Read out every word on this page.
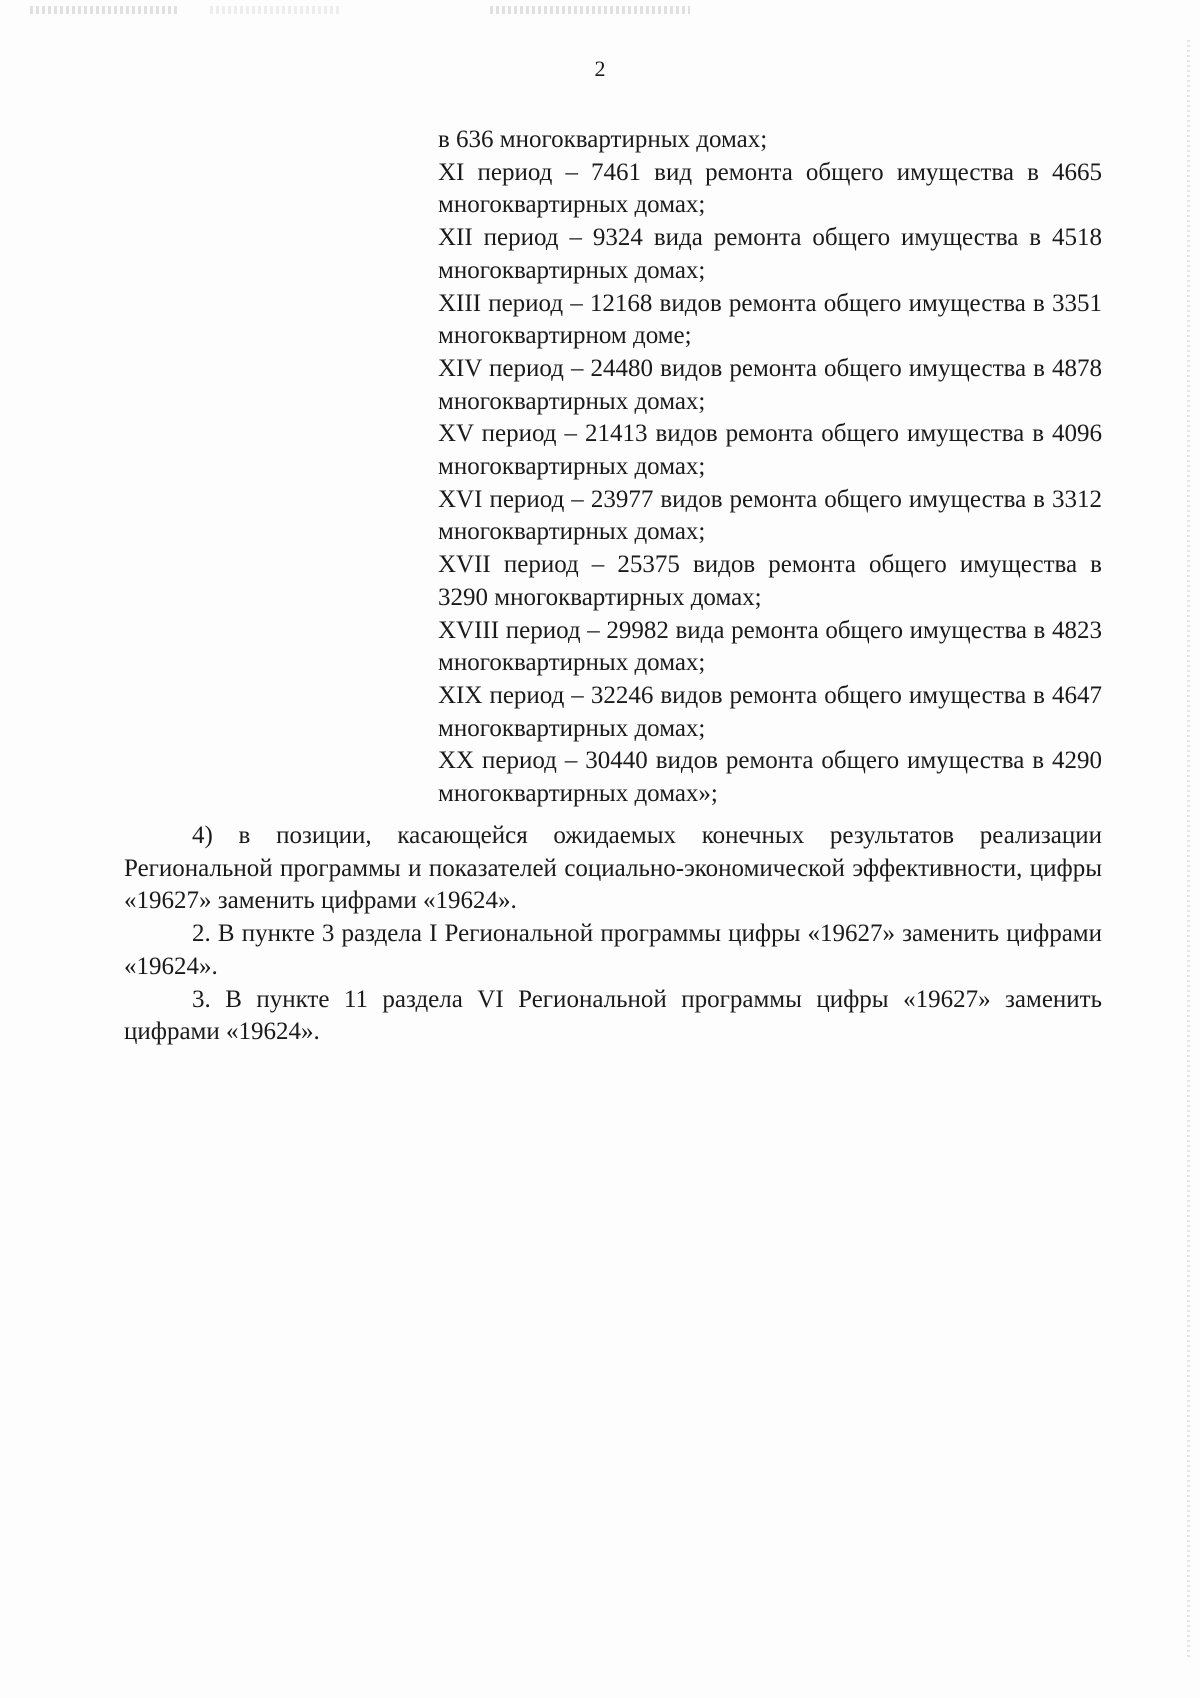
2

в 636 многоквартирных домах;

XI период – 7461 вид ремонта общего имущества в 4665 многоквартирных домах;

XII период – 9324 вида ремонта общего имущества в 4518 многоквартирных домах;

XIII период – 12168 видов ремонта общего имущества в 3351 многоквартирном доме;

XIV период – 24480 видов ремонта общего имущества в 4878 многоквартирных домах;

XV период – 21413 видов ремонта общего имущества в 4096 многоквартирных домах;

XVI период – 23977 видов ремонта общего имущества в 3312 многоквартирных домах;

XVII период – 25375 видов ремонта общего имущества в 3290 многоквартирных домах;

XVIII период – 29982 вида ремонта общего имущества в 4823 многоквартирных домах;

XIX период – 32246 видов ремонта общего имущества в 4647 многоквартирных домах;

XX период – 30440 видов ремонта общего имущества в 4290 многоквартирных домах»;

4) в позиции, касающейся ожидаемых конечных результатов реализации Региональной программы и показателей социально-экономической эффективности, цифры «19627» заменить цифрами «19624».

2. В пункте 3 раздела I Региональной программы цифры «19627» заменить цифрами «19624».

3. В пункте 11 раздела VI Региональной программы цифры «19627» заменить цифрами «19624».
